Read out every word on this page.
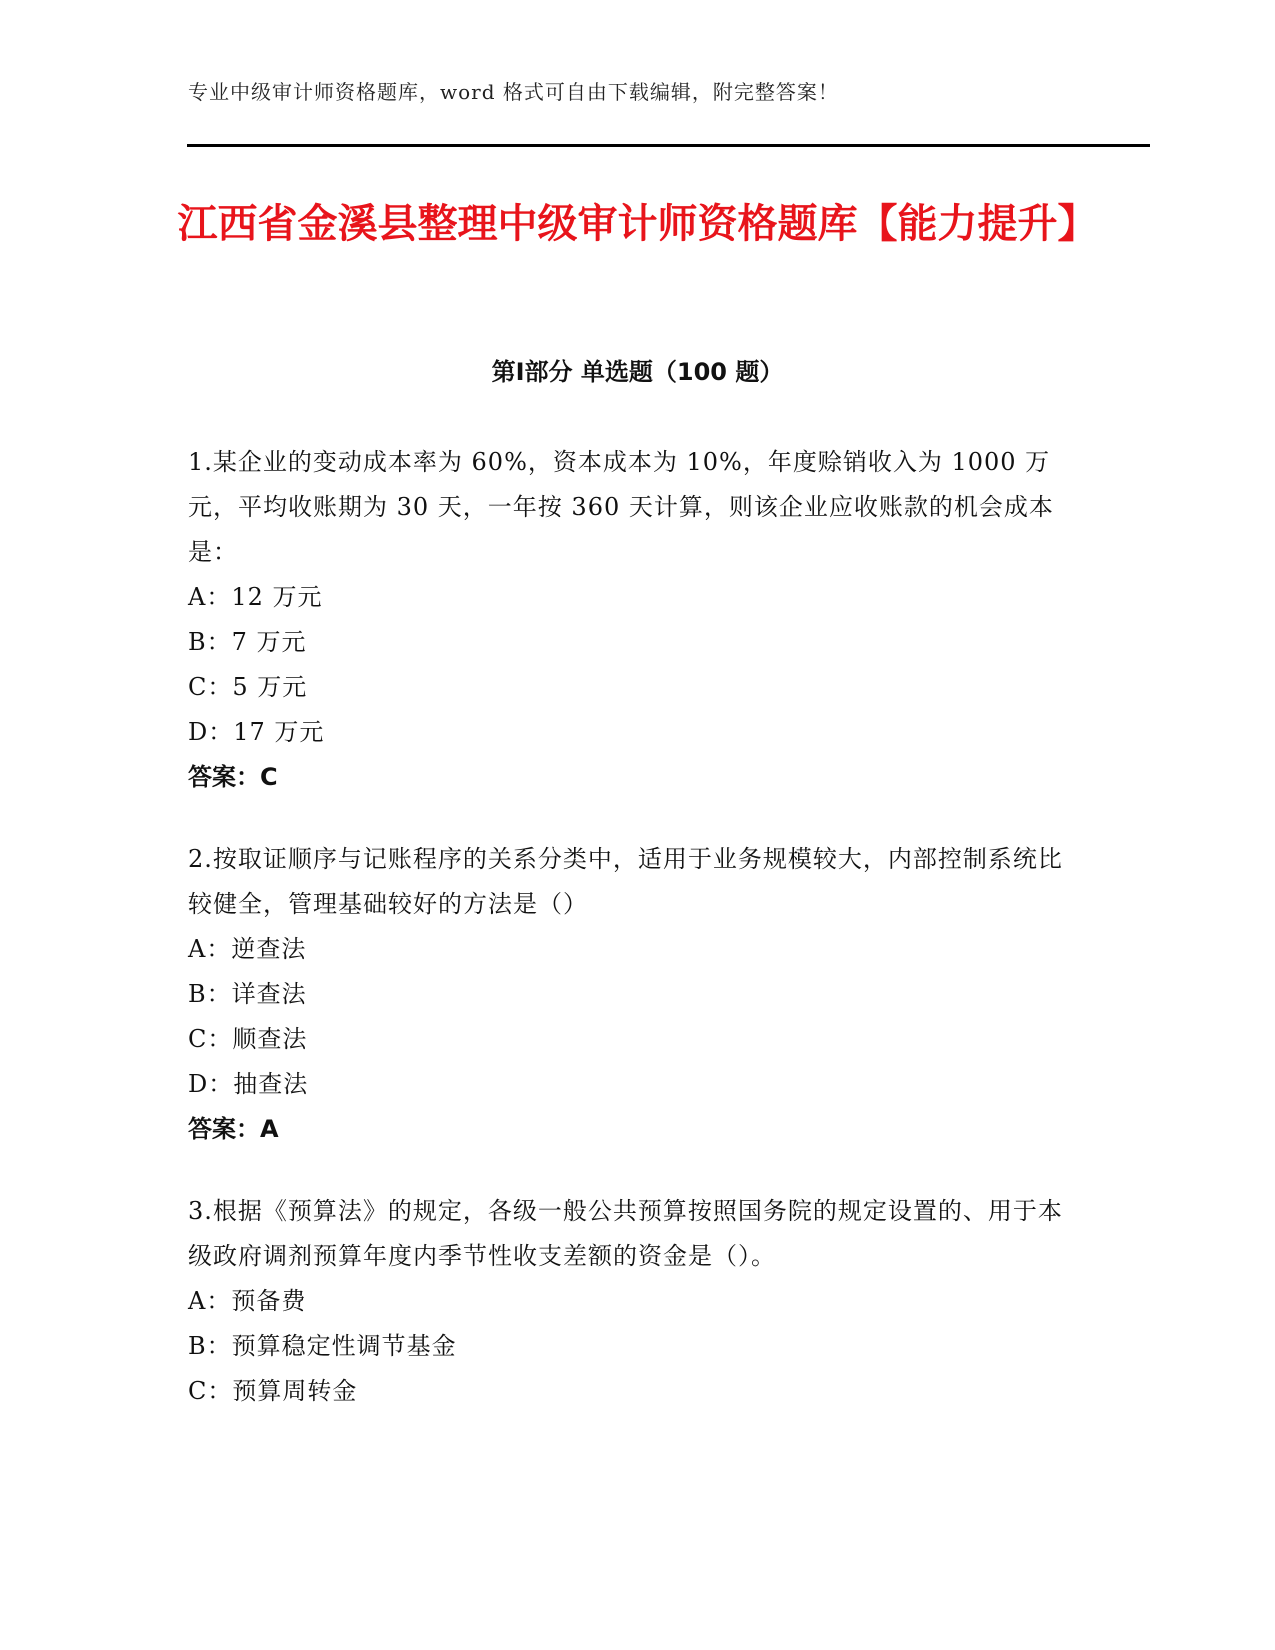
专业中级审计师资格题库，word 格式可自由下载编辑，附完整答案！
江西省金溪县整理中级审计师资格题库【能力提升】
第Ⅰ部分 单选题（100 题）
1.某企业的变动成本率为 60%，资本成本为 10%，年度赊销收入为 1000 万元，平均收账期为 30 天，一年按 360 天计算，则该企业应收账款的机会成本是：
A：12 万元
B：7 万元
C：5 万元
D：17 万元
答案：C
2.按取证顺序与记账程序的关系分类中，适用于业务规模较大，内部控制系统比较健全，管理基础较好的方法是（）
A：逆查法
B：详查法
C：顺查法
D：抽查法
答案：A
3.根据《预算法》的规定，各级一般公共预算按照国务院的规定设置的、用于本级政府调剂预算年度内季节性收支差额的资金是（）。
A：预备费
B：预算稳定性调节基金
C：预算周转金
